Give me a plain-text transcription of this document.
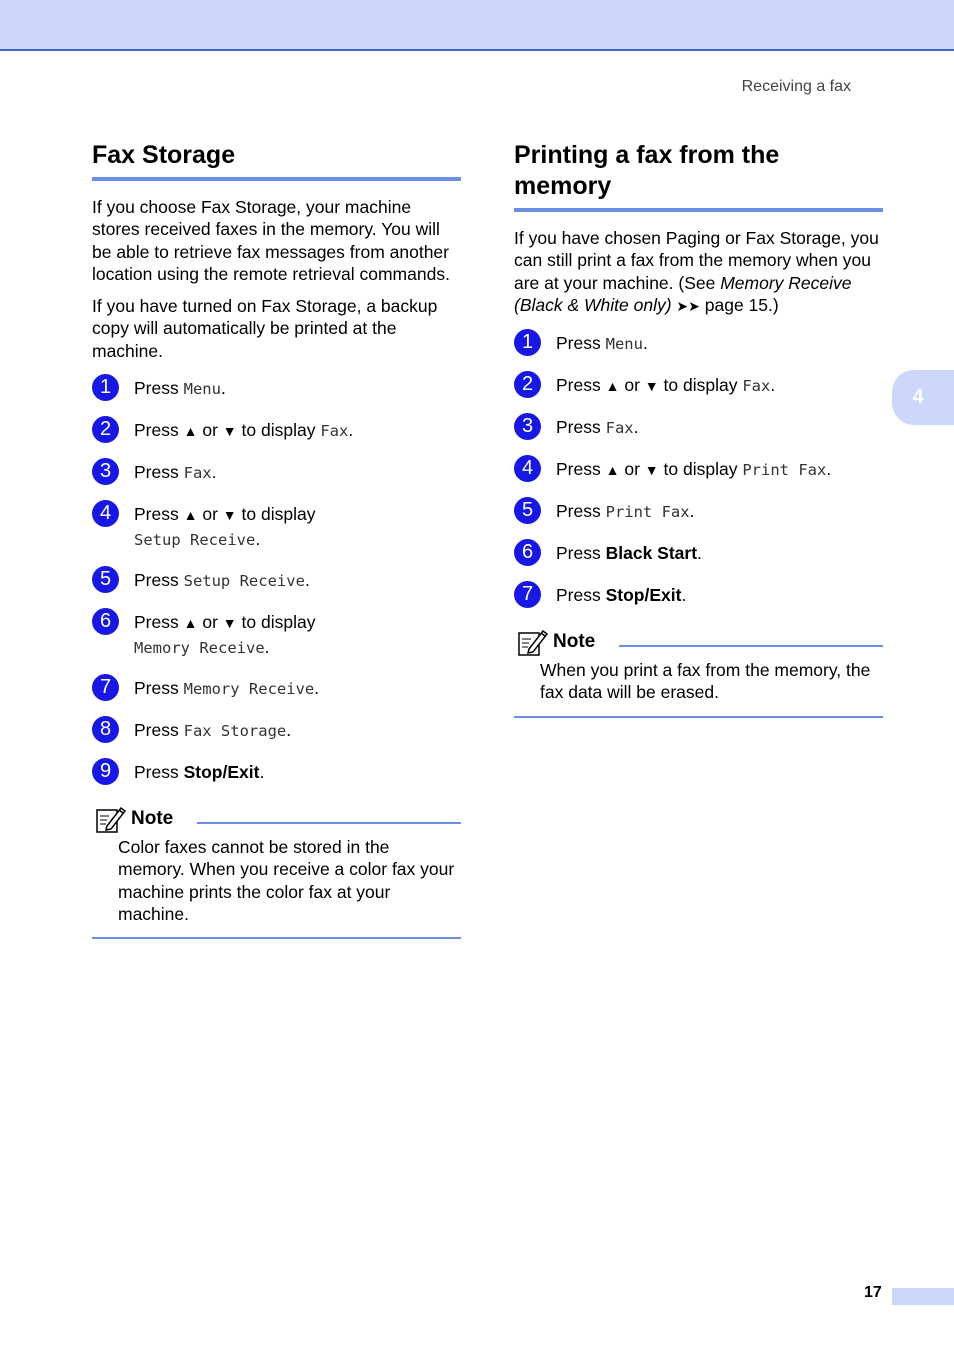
Receiving a fax
4
Fax Storage

If you choose Fax Storage, your machine stores received faxes in the memory. You will be able to retrieve fax messages from another location using the remote retrieval commands.

If you have turned on Fax Storage, a backup copy will automatically be printed at the machine.

1	Press Menu.
2	Press ▲ or ▼ to display Fax.
3	Press Fax.
4	Press ▲ or ▼ to display
Setup Receive.
5	Press Setup Receive.
6	Press ▲ or ▼ to display
Memory Receive.
7	Press Memory Receive.
8	Press Fax Storage.
9	Press Stop/Exit.
Note

Color faxes cannot be stored in the memory. When you receive a color fax your machine prints the color fax at your machine.

Printing a fax from the
memory

If you have chosen Paging or Fax Storage, you can still print a fax from the memory when you are at your machine. (See Memory Receive (Black & White only) ➤➤ page 15.)

1	Press Menu.
2	Press ▲ or ▼ to display Fax.
3	Press Fax.
4	Press ▲ or ▼ to display Print Fax.
5	Press Print Fax.
6	Press Black Start.
7	Press Stop/Exit.
Note

When you print a fax from the memory, the fax data will be erased.

17
